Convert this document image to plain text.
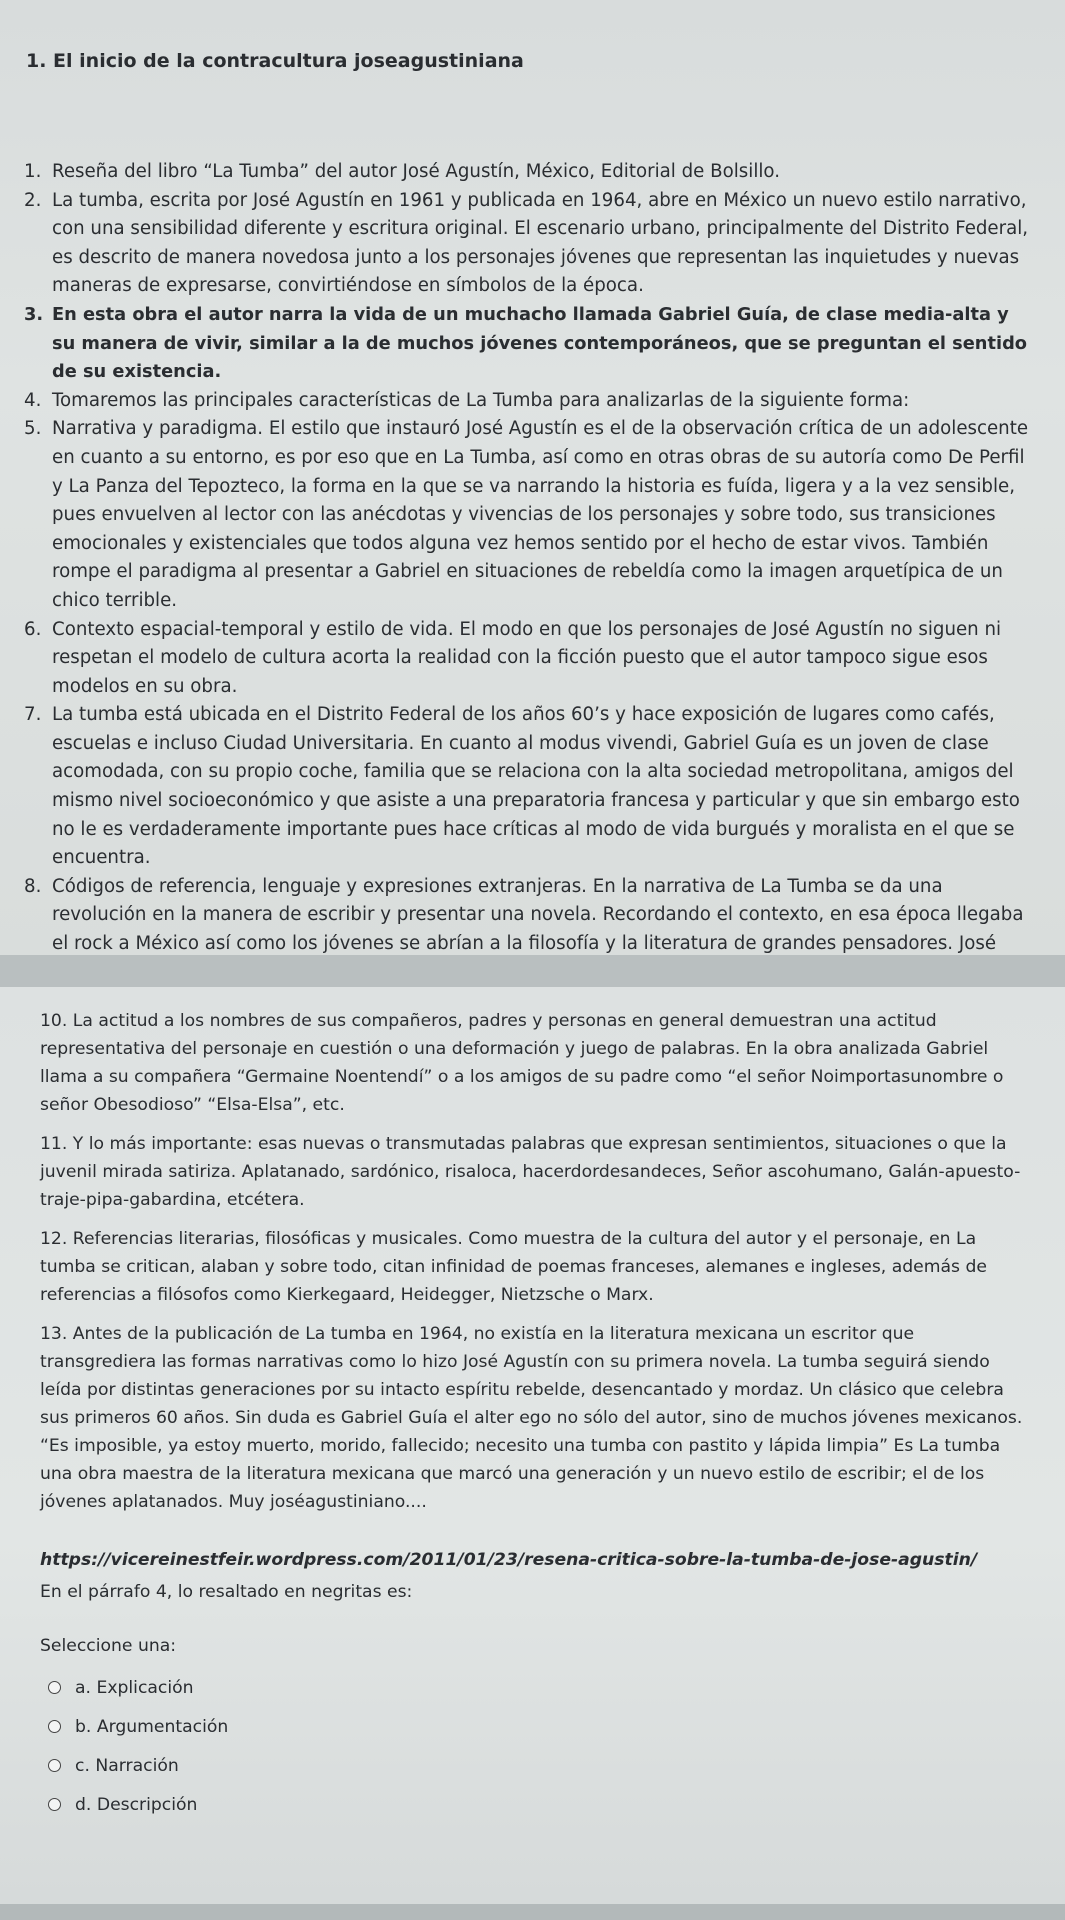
1. El inicio de la contracultura joseagustiniana
1. Reseña del libro “La Tumba” del autor José Agustín, México, Editorial de Bolsillo.
2. La tumba, escrita por José Agustín en 1961 y publicada en 1964, abre en México un nuevo estilo narrativo, con una sensibilidad diferente y escritura original. El escenario urbano, principalmente del Distrito Federal, es descrito de manera novedosa junto a los personajes jóvenes que representan las inquietudes y nuevas maneras de expresarse, convirtiéndose en símbolos de la época.
3. En esta obra el autor narra la vida de un muchacho llamada Gabriel Guía, de clase media-alta y su manera de vivir, similar a la de muchos jóvenes contemporáneos, que se preguntan el sentido de su existencia.
4. Tomaremos las principales características de La Tumba para analizarlas de la siguiente forma:
5. Narrativa y paradigma. El estilo que instauró José Agustín es el de la observación crítica de un adolescente en cuanto a su entorno, es por eso que en La Tumba, así como en otras obras de su autoría como De Perfil y La Panza del Tepozteco, la forma en la que se va narrando la historia es fuída, ligera y a la vez sensible, pues envuelven al lector con las anécdotas y vivencias de los personajes y sobre todo, sus transiciones emocionales y existenciales que todos alguna vez hemos sentido por el hecho de estar vivos. También rompe el paradigma al presentar a Gabriel en situaciones de rebeldía como la imagen arquetípica de un chico terrible.
6. Contexto espacial-temporal y estilo de vida. El modo en que los personajes de José Agustín no siguen ni respetan el modelo de cultura acorta la realidad con la ficción puesto que el autor tampoco sigue esos modelos en su obra.
7. La tumba está ubicada en el Distrito Federal de los años 60’s y hace exposición de lugares como cafés, escuelas e incluso Ciudad Universitaria. En cuanto al modus vivendi, Gabriel Guía es un joven de clase acomodada, con su propio coche, familia que se relaciona con la alta sociedad metropolitana, amigos del mismo nivel socioeconómico y que asiste a una preparatoria francesa y particular y que sin embargo esto no le es verdaderamente importante pues hace críticas al modo de vida burgués y moralista en el que se encuentra.
8. Códigos de referencia, lenguaje y expresiones extranjeras. En la narrativa de La Tumba se da una revolución en la manera de escribir y presentar una novela. Recordando el contexto, en esa época llegaba el rock a México así como los jóvenes se abrían a la filosofía y la literatura de grandes pensadores. José

10. La actitud a los nombres de sus compañeros, padres y personas en general demuestran una actitud representativa del personaje en cuestión o una deformación y juego de palabras. En la obra analizada Gabriel llama a su compañera “Germaine Noentendí” o a los amigos de su padre como “el señor Noimportasunombre o señor Obesodioso” “Elsa-Elsa”, etc.

11. Y lo más importante: esas nuevas o transmutadas palabras que expresan sentimientos, situaciones o que la juvenil mirada satiriza. Aplatanado, sardónico, risaloca, hacerdordesandeces, Señor ascohumano, Galán-apuesto-traje-pipa-gabardina, etcétera.

12. Referencias literarias, filosóficas y musicales. Como muestra de la cultura del autor y el personaje, en La tumba se critican, alaban y sobre todo, citan infinidad de poemas franceses, alemanes e ingleses, además de referencias a filósofos como Kierkegaard, Heidegger, Nietzsche o Marx.

13. Antes de la publicación de La tumba en 1964, no existía en la literatura mexicana un escritor que transgrediera las formas narrativas como lo hizo José Agustín con su primera novela. La tumba seguirá siendo leída por distintas generaciones por su intacto espíritu rebelde, desencantado y mordaz. Un clásico que celebra sus primeros 60 años. Sin duda es Gabriel Guía el alter ego no sólo del autor, sino de muchos jóvenes mexicanos. “Es imposible, ya estoy muerto, morido, fallecido; necesito una tumba con pastito y lápida limpia” Es La tumba una obra maestra de la literatura mexicana que marcó una generación y un nuevo estilo de escribir; el de los jóvenes aplatanados. Muy joséagustiniano....

https://vicereinestfeir.wordpress.com/2011/01/23/resena-critica-sobre-la-tumba-de-jose-agustin/
En el párrafo 4, lo resaltado en negritas es:
Seleccione una:
a. Explicación
b. Argumentación
c. Narración
d. Descripción
